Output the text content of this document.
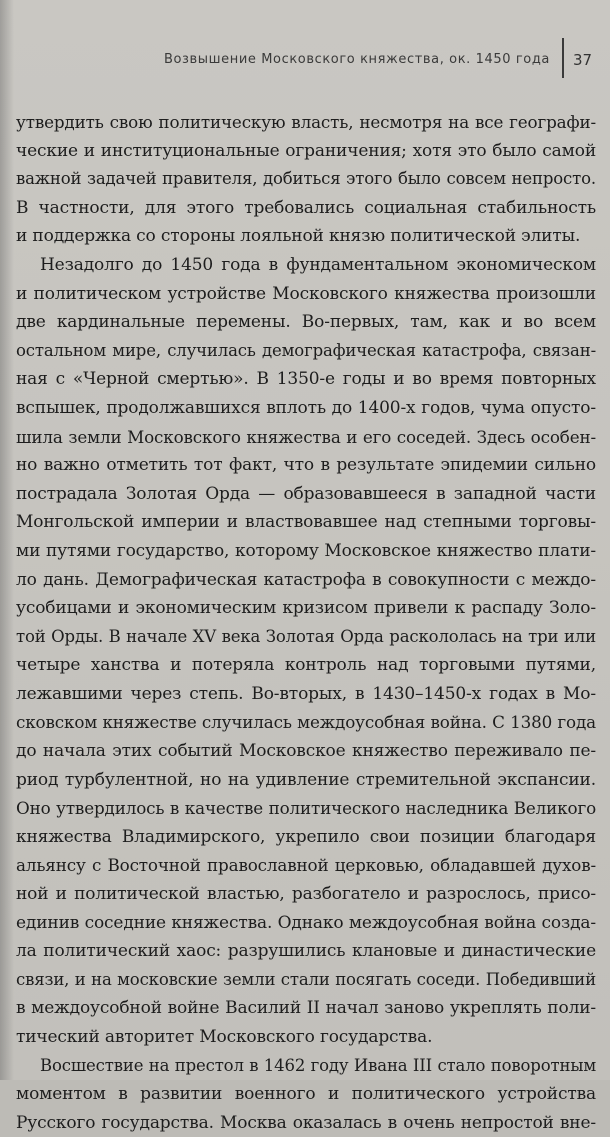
Возвышение Московского княжества, ок. 1450 года 37
утвердить свою политическую власть, несмотря на все географи-
ческие и институциональные ограничения; хотя это было самой
важной задачей правителя, добиться этого было совсем непросто.
В частности, для этого требовались социальная стабильность
и поддержка со стороны лояльной князю политической элиты.
Незадолго до 1450 года в фундаментальном экономическом
и политическом устройстве Московского княжества произошли
две кардинальные перемены. Во-первых, там, как и во всем
остальном мире, случилась демографическая катастрофа, связан-
ная с «Черной смертью». В 1350-е годы и во время повторных
вспышек, продолжавшихся вплоть до 1400-х годов, чума опусто-
шила земли Московского княжества и его соседей. Здесь особен-
но важно отметить тот факт, что в результате эпидемии сильно
пострадала Золотая Орда — образовавшееся в западной части
Монгольской империи и властвовавшее над степными торговы-
ми путями государство, которому Московское княжество плати-
ло дань. Демографическая катастрофа в совокупности с междо-
усобицами и экономическим кризисом привели к распаду Золо-
той Орды. В начале XV века Золотая Орда раскололась на три или
четыре ханства и потеряла контроль над торговыми путями,
лежавшими через степь. Во-вторых, в 1430–1450-х годах в Мо-
сковском княжестве случилась междоусобная война. С 1380 года
до начала этих событий Московское княжество переживало пе-
риод турбулентной, но на удивление стремительной экспансии.
Оно утвердилось в качестве политического наследника Великого
княжества Владимирского, укрепило свои позиции благодаря
альянсу с Восточной православной церковью, обладавшей духов-
ной и политической властью, разбогатело и разрослось, присо-
единив соседние княжества. Однако междоусобная война созда-
ла политический хаос: разрушились клановые и династические
связи, и на московские земли стали посягать соседи. Победивший
в междоусобной войне Василий II начал заново укреплять поли-
тический авторитет Московского государства.
Восшествие на престол в 1462 году Ивана III стало поворотным
моментом в развитии военного и политического устройства
Русского государства. Москва оказалась в очень непростой вне-
